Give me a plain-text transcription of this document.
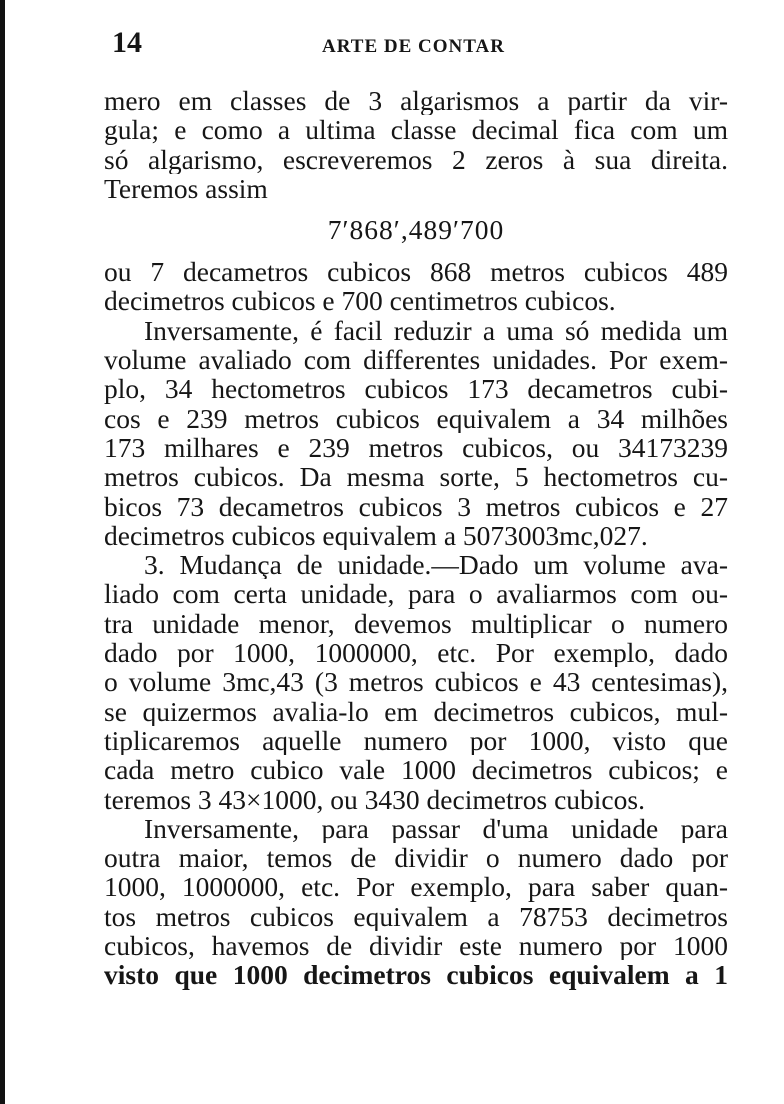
14	ARTE DE CONTAR
mero em classes de 3 algarismos a partir da vir-
gula; e como a ultima classe decimal fica com um
só algarismo, escreveremos 2 zeros à sua direita.
Teremos assim
7′868′,489′700
ou 7 decametros cubicos 868 metros cubicos 489
decimetros cubicos e 700 centimetros cubicos.
Inversamente, é facil reduzir a uma só medida um
volume avaliado com differentes unidades. Por exem-
plo, 34 hectometros cubicos 173 decametros cubi-
cos e 239 metros cubicos equivalem a 34 milhões
173 milhares e 239 metros cubicos, ou 34173239
metros cubicos. Da mesma sorte, 5 hectometros cu-
bicos 73 decametros cubicos 3 metros cubicos e 27
decimetros cubicos equivalem a 5073003mc,027.
3. Mudança de unidade.—Dado um volume ava-
liado com certa unidade, para o avaliarmos com ou-
tra unidade menor, devemos multiplicar o numero
dado por 1000, 1000000, etc. Por exemplo, dado
o volume 3mc,43 (3 metros cubicos e 43 centesimas),
se quizermos avalia-lo em decimetros cubicos, mul-
tiplicaremos aquelle numero por 1000, visto que
cada metro cubico vale 1000 decimetros cubicos; e
teremos 3 43×1000, ou 3430 decimetros cubicos.
Inversamente, para passar d'uma unidade para
outra maior, temos de dividir o numero dado por
1000, 1000000, etc. Por exemplo, para saber quan-
tos metros cubicos equivalem a 78753 decimetros
cubicos, havemos de dividir este numero por 1000
visto que 1000 decimetros cubicos equivalem a 1
